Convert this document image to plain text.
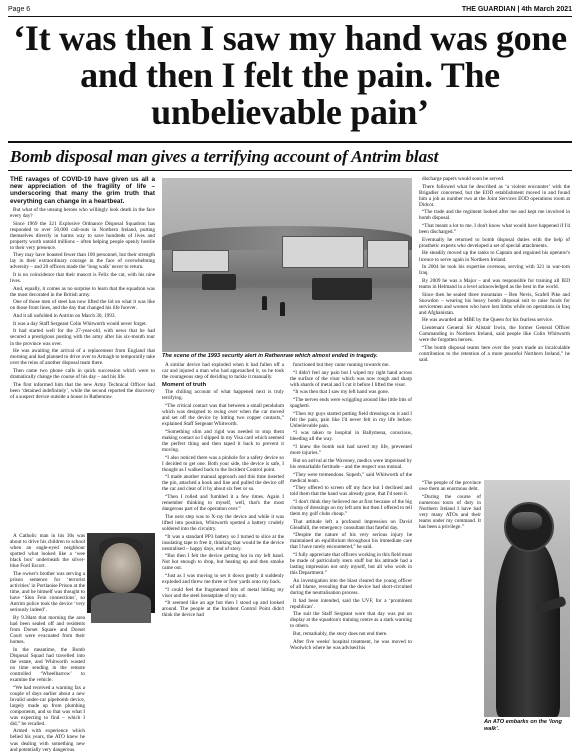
Page 6	THE GUARDIAN | 4th March 2021
‘It was then I saw my hand was gone and then I felt the pain. The unbelievable pain’
Bomb disposal man gives a terrifying account of Antrim blast

THE ravages of COVID-19 have given us all a new appreciation of the fragility of life – underscoring that many the grim truth that everything can change in a heartbeat.

But what of the unsung heroes who willingly look death in the face every day?

Since 1969 the 321 Explosive Ordnance Disposal Squadron has responded to over 50,000 call-outs in Northern Ireland, putting themselves directly in harms way to save hundreds of lives and property worth untold millions – often helping people openly hostile to their very presence.

They may have boasted fewer than 100 personnel, but their strength lay in their extraordinary courage in the face of overwhelming adversity – and 20 officers made the ‘long walk’ never to return.

It is no coincidence that their mascot is Felix the cat, with his nine lives.

And, equally, it comes as no surprise to learn that the squadron was the most decorated in the British army.

One of those men of steel has now lifted the lid on what it was like on those front lines, and the day that changed his life forever.

And it all unfolded in Antrim on March 30, 1993.

It was a day Staff Sergeant Colin Whitworth would never forget.

It had started well for the 27-year-old, with news that he had secured a prestigious posting with the army after his six-month tour in the province was over.

He was awaiting the arrival of a replacement from England that morning and had planned to drive over to Armagh to temporarily take over the reins of another disposal team there.

Then came two phone calls in quick succession which were to dramatically change the course of his day – and his life.

The first informed him that the new Army Technical Officer had been ‘detained indefinitely’, while the second reported the discovery of a suspect device outside a house in Rathenraw.

A Catholic man in his 30s was about to drive his children to school when an eagle-eyed neighbour spotted what looked like a ‘wee black box’ underneath the silver-blue Ford Escort.

The owner's brother was serving a prison sentence for ‘terrorist activities’ in Portlaoise Prison at the time, and he himself was thought to have ‘Sinn Fein connections’, so Antrim police took the device ‘very seriously indeed’.

By 9.30am that morning the area had been sealed off and residents from Dorset Square and Dorset Court were evacuated from their homes.

In the meantime, the Bomb Disposal Squad had travelled into the estate, and Whitworth wasted no time sending in the remote controlled ‘Wheelbarrow’ to examine the vehicle.

“We had received a warning fax a couple of days earlier about a new Invalid under-car pipebomb device, largely made up from plumbing components, and so that was what I was expecting to find – which I did,” he recalled.

Armed with experience which belied his years, the ATO knew he was dealing with something new and potentially very dangerous.

The scene of the 1993 security alert in Rathenraw which almost ended in tragedy.

A similar device had exploded when it had fallen off a car and injured a man who had approached it, so he took the courageous step of deciding to tackle it manually.

Moment of truth

The chilling account of what happened next is truly terrifying.

“The critical contact was that between a small pendulum which was designed to swing over when the car moved and set off the device by hitting two copper contacts,” explained Staff Sergeant Whitworth.

“Something slim and rigid was needed to stop them making contact so I slipped in my Visa card which seemed the perfect thing and then taped it back to prevent it moving.

“I also noticed there was a pinhole for a safety device so I decided to get one. Both your side, the device is safe, I thought as I walked back to the Incident Control point.

“I made another manual approach and this time inserted the pin, attached a hook and line and pulled the device off the car and clear of it by about six feet or so.

“Then I rolled and fumbled it a few times. Again I remember thinking to myself, well, that's the most dangerous part of the operation over.”

The next step was to X-ray the device and while it was lifted into position, Whitworth spotted a battery crudely soldered into the circuitry.

“It was a standard PP3 battery so I turned to slice at the insulating tape to free it, thinking that would be the device neutralised – happy days, end of story.

“But then I felt the device getting hot in my left hand. Not hot enough to drop, but heating up and then smoke came out.

“Just as I was moving to set it down gently it suddenly exploded and threw me three or four yards onto my back.

“I could feel the fragmented bits of metal hitting my visor and the steel breastplate of my suit.

“It seemed like an age but then I stood up and looked around. The people at the Incident Control Point didn't think the device had

functioned but they came running towards me.

“I didn't feel any pain but I wiped my right hand across the surface of the visor which was now rough and sharp with shards of metal and I cut it before I lifted the visor.

“It was then that I saw my left hand was gone.

“The nerves ends were wriggling around like little bits of spaghetti.

“Then my guys started putting field dressings on it and I felt the pain, pain like I'd never felt in my life before. Unbelievable pain.

“I was taken to hospital in Ballymena, conscious, bleeding all the way.

“I knew the bomb suit had saved my life, prevented more injuries.”

But on arrival at the Waveney, medics were impressed by his remarkable fortitude – and the respect was mutual.

“They were tremendous. Superb,” said Whitworth of the medical team.

“They offered to screen off my face but I declined and told them that the hand was already gone, that I'd seen it.

“I don't think they believed me at first because of the big clump of dressings on my left arm but then I offered to tell them my golf clubs cheap.”

That attitude left a profound impression on David Gleadhill, the emergency consultant that fateful day.

“Despite the nature of his very serious injury he maintained an equilibrium throughout his immediate care that I have rarely encountered,” he said.

“I fully appreciate that officers working in this field must be made of particularly stern stuff but his attitude had a lasting impression not only myself, but all who work in this Department.”

An investigation into the blast cleared the young officer of all blame, revealing that the device had short-circuited during the neutralisation process.

It had been intended, said the UVF, for a ‘prominent republican’.

The suit the Staff Sergeant wore that day was put on display at the squadron's training centre as a stark warning to others.

But, remarkably, the story does not end there.

After five weeks' hospital treatment, he was moved to Woolwich where he was advised his

discharge papers would soon be served.

There followed what he described as ‘a violent encounter’ with the Brigadier concerned, but the EOD establishment moved in and found him a job as number two at the Joint Services EOD operations room at Didcot.

“The trade and the regiment looked after me and kept me involved in bomb disposal.

“That meant a lot to me. I don't know what would have happened if I'd been discharged.”

Eventually he returned to bomb disposal duties with the help of prosthetic experts who developed a set of special attachments.

He steadily moved up the ranks to Captain and regained his operator's licence to serve again in Northern Ireland.

In 2004 he took his expertise overseas, serving with 321 in war-torn Iraq.

By 2009 he was a Major – and was responsible for training all IED teams in Helmand in a level acknowledged as the best in the world.

Since then he sealed three mountains – Ben Nevis, Scafell Pike and Snowdon – wearing his heavy bomb disposal suit to raise funds for servicemen and women who have lost limbs while on operations in Iraq and Afghanistan.

He was awarded an MBE by the Queen for his fearless service.

Lieutenant General Sir Alistair Irwin, the former General Officer Commanding in Northern Ireland, said people like Colin Whitworth were the forgotten heroes.

“The bomb disposal teams here over the years made an incalculable contribution to the retention of a more peaceful Northern Ireland,” he said.

“The people of the province owe them an enormous debt.

“During the course of numerous tours of duty in Northern Ireland I have had very many ATOs and their teams under my command. It has been a privilege.”

An ATO embarks on the ‘long walk’.
